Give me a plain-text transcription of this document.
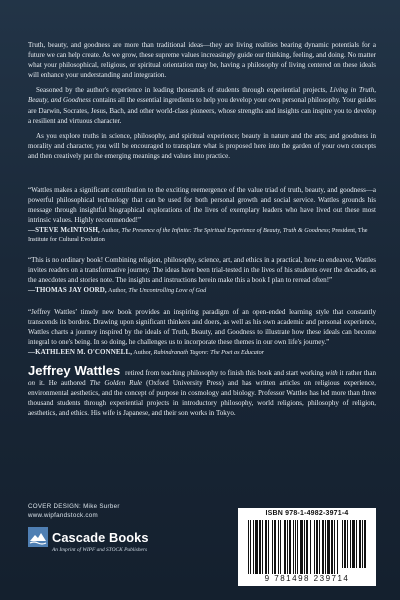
Truth, beauty, and goodness are more than traditional ideas—they are living realities bearing dynamic potentials for a future we can help create. As we grow, these supreme values increasingly guide our thinking, feeling, and doing. No matter what your philosophical, religious, or spiritual orientation may be, having a philosophy of living centered on these ideals will enhance your understanding and integration.

Seasoned by the author's experience in leading thousands of students through experiential projects, Living in Truth, Beauty, and Goodness contains all the essential ingredients to help you develop your own personal philosophy. Your guides are Darwin, Socrates, Jesus, Bach, and other world-class pioneers, whose strengths and insights can inspire you to develop a resilient and virtuous character.

As you explore truths in science, philosophy, and spiritual experience; beauty in nature and the arts; and goodness in morality and character, you will be encouraged to transplant what is proposed here into the garden of your own concepts and then creatively put the emerging meanings and values into practice.

“Wattles makes a significant contribution to the exciting reemergence of the value triad of truth, beauty, and goodness—a powerful philosophical technology that can be used for both personal growth and social service. Wattles grounds his message through insightful biographical explorations of the lives of exemplary leaders who have lived out these most intrinsic values. Highly recommended!”

—STEVE McINTOSH, Author, The Presence of the Infinite: The Spiritual Experience of Beauty, Truth & Goodness; President, The Institute for Cultural Evolution

“This is no ordinary book! Combining religion, philosophy, science, art, and ethics in a practical, how-to endeavor, Wattles invites readers on a transformative journey. The ideas have been trial-tested in the lives of his students over the decades, as the anecdotes and stories note. The insights and instructions herein make this a book I plan to reread often!”

—THOMAS JAY OORD, Author, The Uncontrolling Love of God

“Jeffrey Wattles’ timely new book provides an inspiring paradigm of an open-ended learning style that constantly transcends its borders. Drawing upon significant thinkers and doers, as well as his own academic and personal experience, Wattles charts a journey inspired by the ideals of Truth, Beauty, and Goodness to illustrate how these ideals can become integral to one's being. In so doing, he challenges us to incorporate these themes in our own life's journey.”

—KATHLEEN M. O'CONNELL, Author, Rabindranath Tagore: The Poet as Educator
Jeffrey Wattles retired from teaching philosophy to finish this book and start working with it rather than on it. He authored The Golden Rule (Oxford University Press) and has written articles on religious experience, environmental aesthetics, and the concept of purpose in cosmology and biology. Professor Wattles has led more than three thousand students through experiential projects in introductory philosophy, world religions, philosophy of religion, aesthetics, and ethics. His wife is Japanese, and their son works in Tokyo.
COVER DESIGN: Mike Surber
www.wipfandstock.com
Cascade Books
An Imprint of WIPF and STOCK Publishers
ISBN 978-1-4982-3971-4
9 781498 239714
